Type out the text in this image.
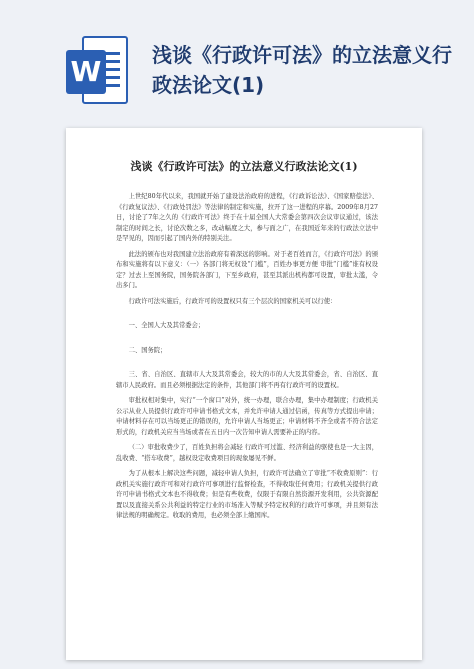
W	浅谈《行政许可法》的立法意义行政法论文(1)
浅谈《行政许可法》的立法意义行政法论文(1)

上世纪80年代以来，我国就开始了建设法治政府的进程，《行政诉讼法》、《国家赔偿法》、《行政复议法》、《行政处罚法》等法律的制定和实施，拉开了这一进程的序幕。2009年8月27日，讨论了7年之久的《行政许可法》终于在十届全国人大常委会第四次会议审议通过，该法制定的时间之长，讨论次数之多，改动幅度之大，参与面之广，在我国近年来的行政法立法中是罕见的，因而引起了国内外的特别关注。

此法的颁布也对我国建立法治政府有着深远的影响。对于老百姓而言，《行政许可法》的颁布和实施将有以下意义：（一）各部门将无权设“门槛”，百姓办事更方便 审批“门槛”谁有权设定？过去上至国务院，国务院各部门，下至乡政府，甚至其派出机构都可设置，审批太滥，令出多门。

行政许可法实施后，行政许可的设置权只有三个层次的国家机关可以行使：

一、全国人大及其常委会；

二、国务院；

三、省、自治区、直辖市人大及其常委会，较大的市的人大及其常委会，省、自治区、直辖市人民政府。而且必须根据法定的条件，其他部门将不再有行政许可的设置权。

审批权相对集中，实行“一个窗口”对外，统一办理，联合办理，集中办理制度；行政机关公示从业人员提供行政许可申请书格式文本，并允许申请人通过信函，传真等方式提出申请；申请材料存在可以当场更正的错误的，允许申请人当场更正；申请材料不齐全或者不符合法定形式的，行政机关应当当场或者在五日内一次告知申请人需要补正的内容。

（二）审批收费少了，百姓负担将会减轻 行政许可过滥、经济利益的驱使也是一大主因，乱收费、“搭车收费”，越权设定收费项目的现象屡见不鲜。

为了从根本上解决这些问题，减轻申请人负担，行政许可法确立了审批“不收费原则”：行政机关实施行政许可和对行政许可事项进行监督检查，不得收取任何费用；行政机关提供行政许可申请书格式文本也不得收费；但是有些收费，仅限于有限自然资源开发利用，公共资源配置以及直接关系公共利益的特定行业的市场准入等赋予特定权利的行政许可事项，并且须有法律法规的明确规定。收取的费用，也必须全部上缴国库。
